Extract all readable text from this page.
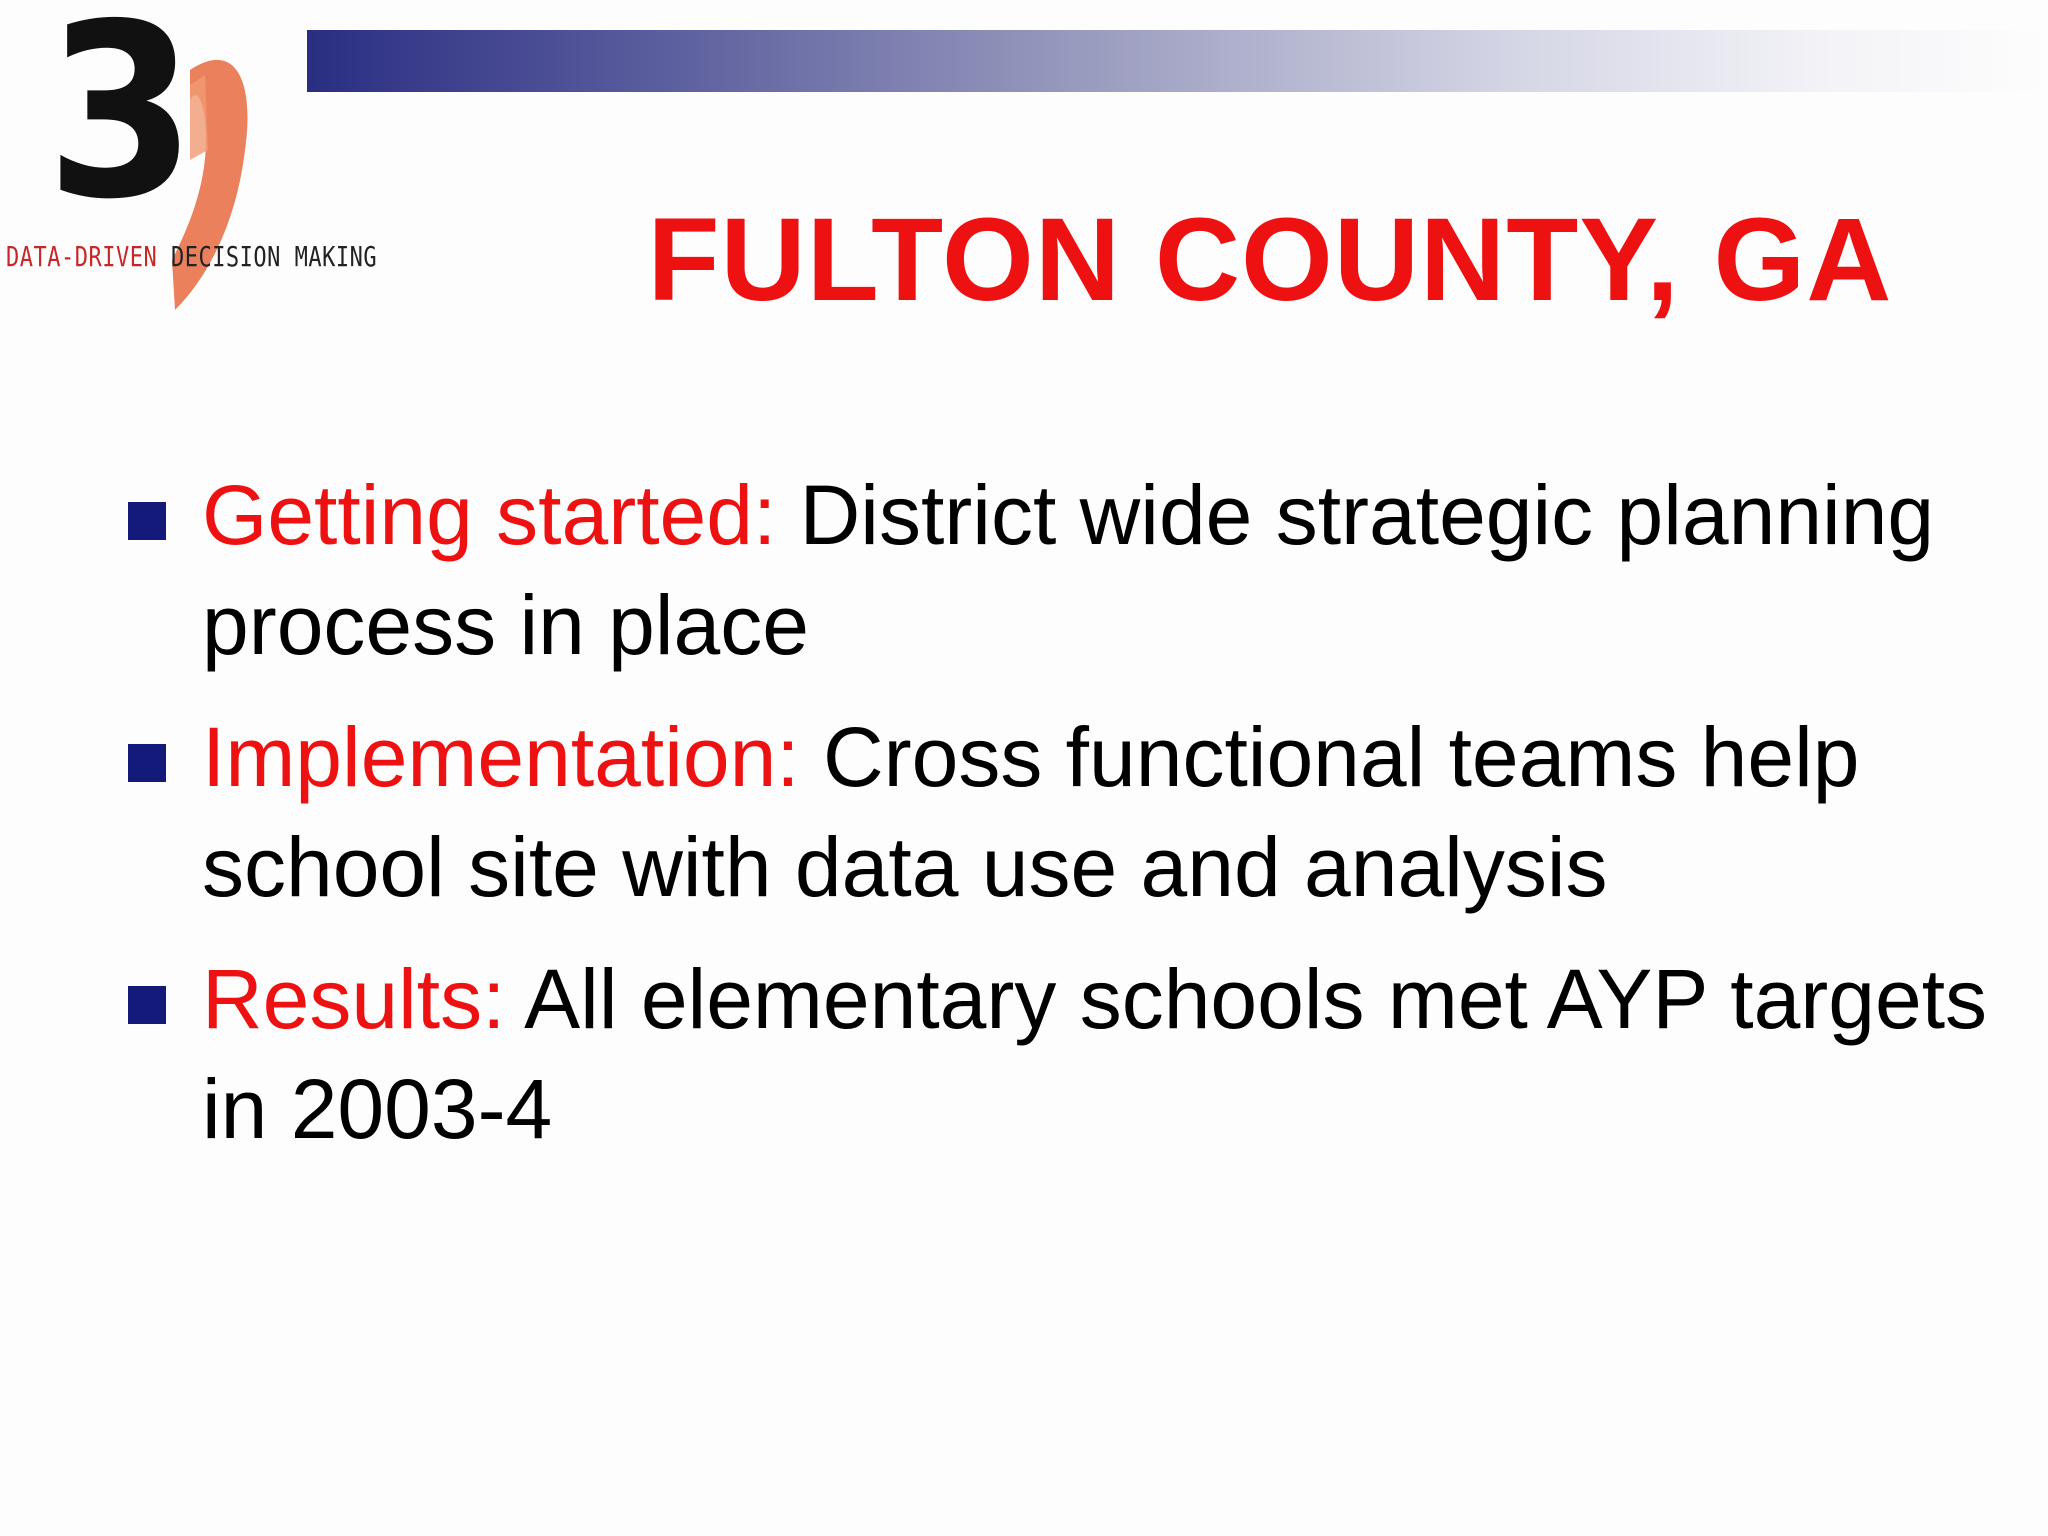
3
DATA-DRIVEN DECISION MAKING	FULTON COUNTY, GA
Getting started: District wide strategic planning process in place
Implementation: Cross functional teams help school site with data use and analysis
Results: All elementary schools met AYP targets in 2003-4
